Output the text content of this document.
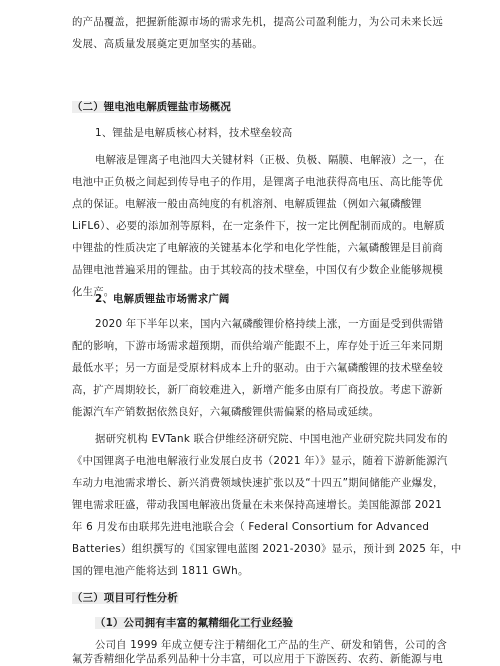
的产品覆盖，把握新能源市场的需求先机，提高公司盈利能力，为公司未来长远
发展、高质量发展奠定更加坚实的基础。
（二）锂电池电解质锂盐市场概况
1、锂盐是电解质核心材料，技术壁垒较高
电解液是锂离子电池四大关键材料（正极、负极、隔膜、电解液）之一，在
电池中正负极之间起到传导电子的作用，是锂离子电池获得高电压、高比能等优
点的保证。电解液一般由高纯度的有机溶剂、电解质锂盐（例如六氟磷酸锂
LiFL6）、必要的添加剂等原料，在一定条件下，按一定比例配制而成的。电解质
中锂盐的性质决定了电解液的关键基本化学和电化学性能，六氟磷酸锂是目前商
品锂电池普遍采用的锂盐。由于其较高的技术壁垒，中国仅有少数企业能够规模
化生产。
2、电解质锂盐市场需求广阔
2020 年下半年以来，国内六氟磷酸锂价格持续上涨，一方面是受到供需错
配的影响，下游市场需求超预期，而供给端产能跟不上，库存处于近三年来同期
最低水平；另一方面是受原材料成本上升的驱动。由于六氟磷酸锂的技术壁垒较
高，扩产周期较长，新厂商较难进入，新增产能多由原有厂商投放。考虑下游新
能源汽车产销数据依然良好，六氟磷酸锂供需偏紧的格局或延续。
据研究机构 EVTank 联合伊维经济研究院、中国电池产业研究院共同发布的
《中国锂离子电池电解液行业发展白皮书（2021 年）》显示，随着下游新能源汽
车动力电池需求增长、新兴消费领域快速扩张以及“十四五”期间储能产业爆发，
锂电需求旺盛，带动我国电解液出货量在未来保持高速增长。美国能源部 2021
年 6 月发布由联邦先进电池联合会（ Federal Consortium for Advanced
Batteries）组织撰写的《国家锂电蓝图 2021-2030》显示，预计到 2025 年，中
国的锂电池产能将达到 1811 GWh。
（三）项目可行性分析
（1）公司拥有丰富的氟精细化工行业经验
公司自 1999 年成立便专注于精细化工产品的生产、研发和销售，公司的含
氟芳香精细化学品系列品种十分丰富，可以应用于下游医药、农药、新能源与电
